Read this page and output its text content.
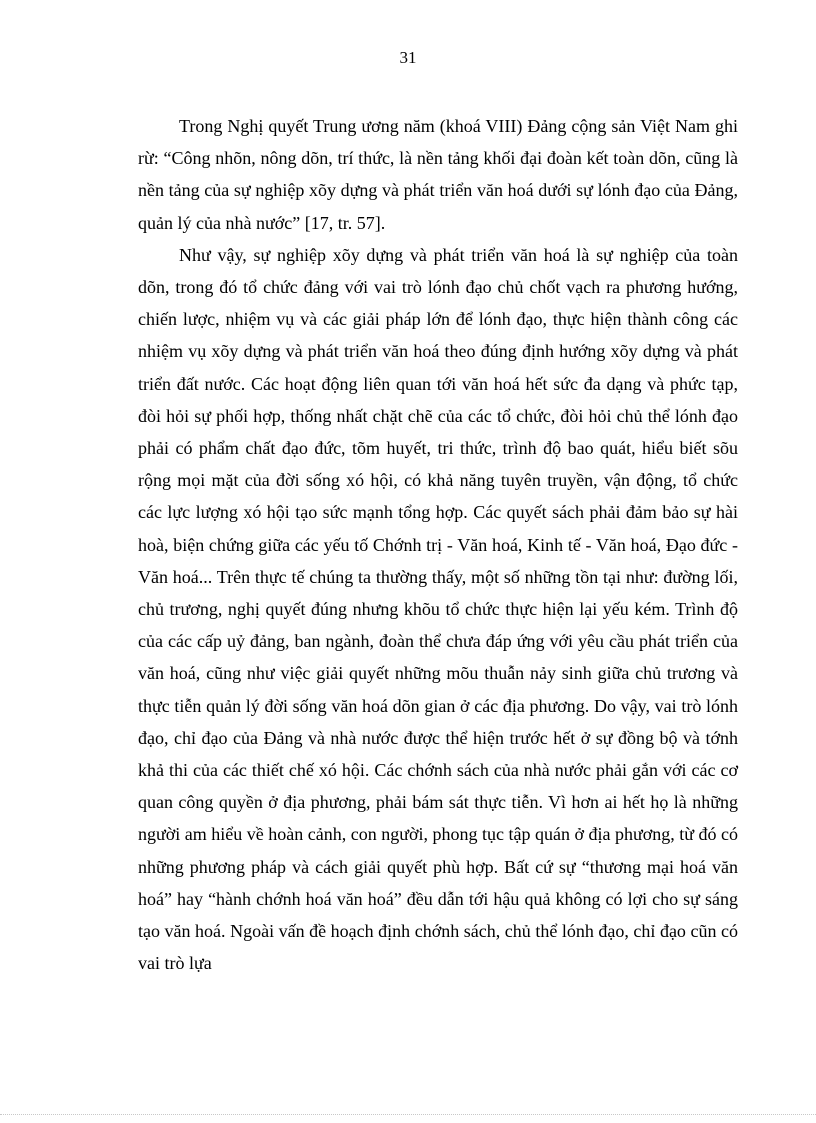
31

Trong Nghị quyết Trung ương năm (khoá VIII) Đảng cộng sản Việt Nam ghi rừ: “Công nhõn, nông dõn, trí thức, là nền tảng khối đại đoàn kết toàn dõn, cũng là nền tảng của sự nghiệp xõy dựng và phát triển văn hoá dưới sự lónh đạo của Đảng, quản lý của nhà nước” [17, tr. 57].

Như vậy, sự nghiệp xõy dựng và phát triển văn hoá là sự nghiệp của toàn dõn, trong đó tổ chức đảng với vai trò lónh đạo chủ chốt vạch ra phương hướng, chiến lược, nhiệm vụ và các giải pháp lớn để lónh đạo, thực hiện thành công các nhiệm vụ xõy dựng và phát triển văn hoá theo đúng định hướng xõy dựng và phát triển đất nước. Các hoạt động liên quan tới văn hoá hết sức đa dạng và phức tạp, đòi hỏi sự phối hợp, thống nhất chặt chẽ của các tổ chức, đòi hỏi chủ thể lónh đạo phải có phẩm chất đạo đức, tõm huyết, tri thức, trình độ bao quát, hiểu biết sõu rộng mọi mặt của đời sống xó hội, có khả năng tuyên truyền, vận động, tổ chức các lực lượng xó hội tạo sức mạnh tổng hợp. Các quyết sách phải đảm bảo sự hài hoà, biện chứng giữa các yếu tố Chớnh trị - Văn hoá, Kinh tế - Văn hoá, Đạo đức - Văn hoá... Trên thực tế chúng ta thường thấy, một số những tồn tại như: đường lối, chủ trương, nghị quyết đúng nhưng khõu tổ chức thực hiện lại yếu kém. Trình độ của các cấp uỷ đảng, ban ngành, đoàn thể chưa đáp ứng với yêu cầu phát triển của văn hoá, cũng như việc giải quyết những mõu thuẫn nảy sinh giữa chủ trương và thực tiễn quản lý đời sống văn hoá dõn gian ở các địa phương. Do vậy, vai trò lónh đạo, chỉ đạo của Đảng và nhà nước được thể hiện trước hết ở sự đồng bộ và tớnh khả thi của các thiết chế xó hội. Các chớnh sách của nhà nước phải gắn với các cơ quan công quyền ở địa phương, phải bám sát thực tiễn. Vì hơn ai hết họ là những người am hiểu về hoàn cảnh, con người, phong tục tập quán ở địa phương, từ đó có những phương pháp và cách giải quyết phù hợp. Bất cứ sự “thương mại hoá văn hoá” hay “hành chớnh hoá văn hoá” đều dẫn tới hậu quả không có lợi cho sự sáng tạo văn hoá. Ngoài vấn đề hoạch định chớnh sách, chủ thể lónh đạo, chỉ đạo cũn có vai trò lựa
